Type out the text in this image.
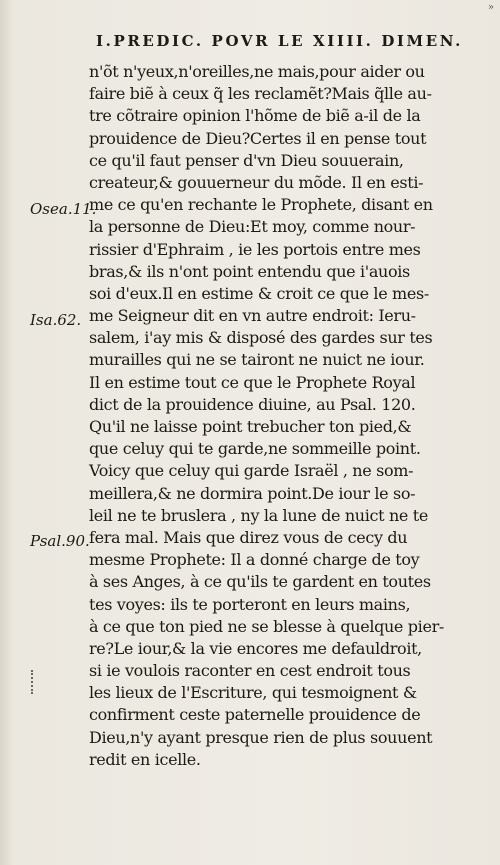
»
I.PREDIC. POVR LE XIIII. DIMEN.
Osea.11.
Isa.62.
Psal.90.
n'õt n'yeux,n'oreilles,ne mais,pour aider ou
faire biẽ à ceux q̃ les reclamẽt?Mais q̃lle au-
tre cõtraire opinion l'hõme de biẽ a-il de la
prouidence de Dieu?Certes il en pense tout
ce qu'il faut penser d'vn Dieu souuerain,
createur,& gouuerneur du mõde. Il en esti-
me ce qu'en rechante le Prophete, disant en
la personne de Dieu:Et moy, comme nour-
rissier d'Ephraim , ie les portois entre mes
bras,& ils n'ont point entendu que i'auois
soi d'eux.Il en estime & croit ce que le mes-
me Seigneur dit en vn autre endroit: Ieru-
salem, i'ay mis & disposé des gardes sur tes
murailles qui ne se tairont ne nuict ne iour.
Il en estime tout ce que le Prophete Royal
dict de la prouidence diuine, au Psal. 120.
Qu'il ne laisse point trebucher ton pied,&
que celuy qui te garde,ne sommeille point.
Voicy que celuy qui garde Israël , ne som-
meillera,& ne dormira point.De iour le so-
leil ne te bruslera , ny la lune de nuict ne te
fera mal. Mais que direz vous de cecy du
mesme Prophete: Il a donné charge de toy
à ses Anges, à ce qu'ils te gardent en toutes
tes voyes: ils te porteront en leurs mains,
à ce que ton pied ne se blesse à quelque pier-
re?Le iour,& la vie encores me defauldroit,
si ie voulois raconter en cest endroit tous
les lieux de l'Escriture, qui tesmoignent &
confirment ceste paternelle prouidence de
Dieu,n'y ayant presque rien de plus souuent
redit en icelle.
